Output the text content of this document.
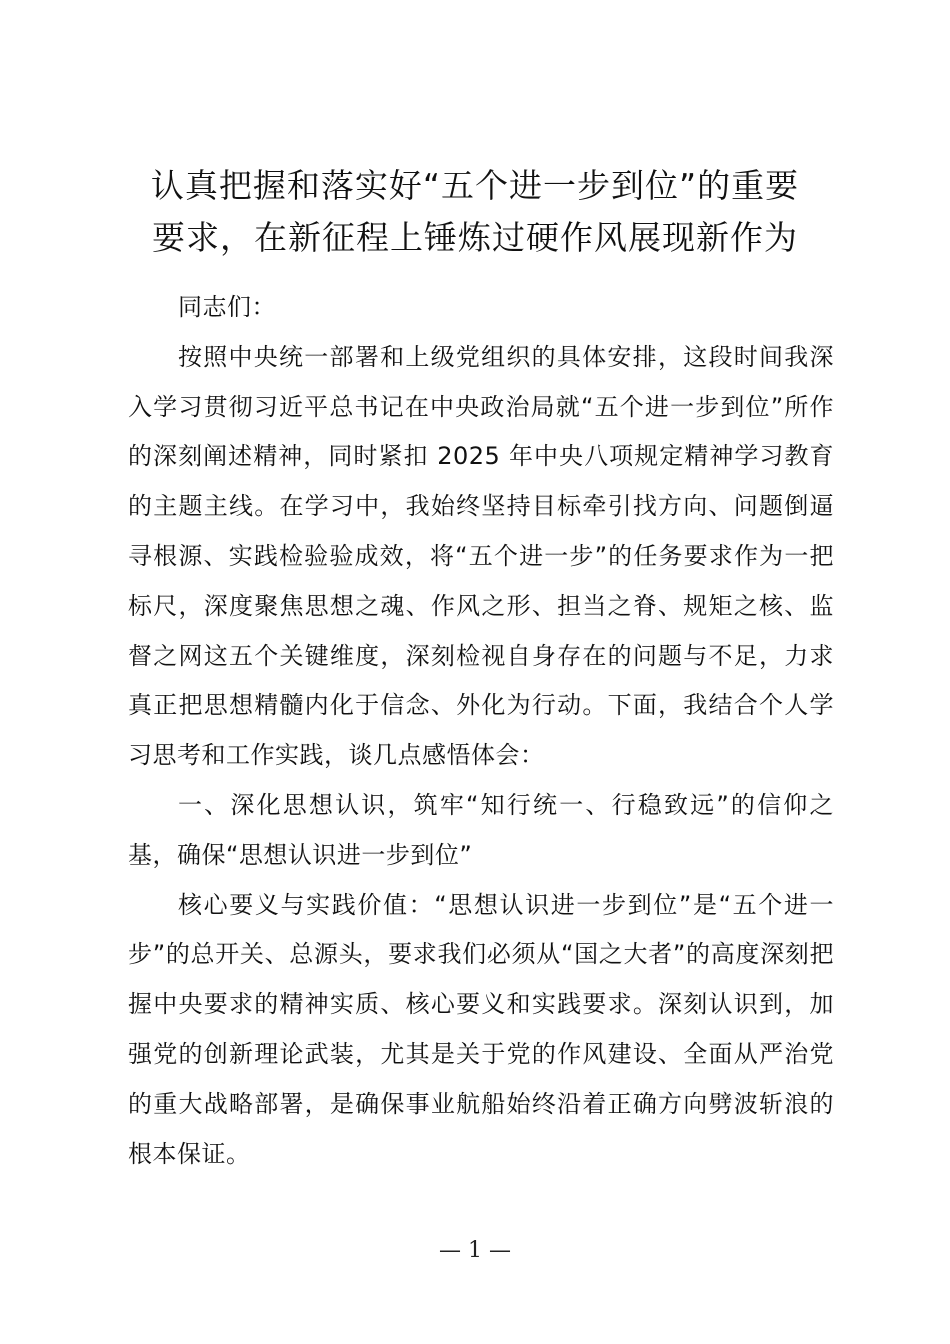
认真把握和落实好“五个进一步到位”的重要
要求，在新征程上锤炼过硬作风展现新作为

同志们：

按照中央统一部署和上级党组织的具体安排，这段时间我深入学习贯彻习近平总书记在中央政治局就“五个进一步到位”所作的深刻阐述精神，同时紧扣 2025 年中央八项规定精神学习教育的主题主线。在学习中，我始终坚持目标牵引找方向、问题倒逼寻根源、实践检验验成效，将“五个进一步”的任务要求作为一把标尺，深度聚焦思想之魂、作风之形、担当之脊、规矩之核、监督之网这五个关键维度，深刻检视自身存在的问题与不足，力求真正把思想精髓内化于信念、外化为行动。下面，我结合个人学习思考和工作实践，谈几点感悟体会：

一、深化思想认识，筑牢“知行统一、行稳致远”的信仰之基，确保“思想认识进一步到位”

核心要义与实践价值：“思想认识进一步到位”是“五个进一步”的总开关、总源头，要求我们必须从“国之大者”的高度深刻把握中央要求的精神实质、核心要义和实践要求。深刻认识到，加强党的创新理论武装，尤其是关于党的作风建设、全面从严治党的重大战略部署，是确保事业航船始终沿着正确方向劈波斩浪的根本保证。

— 1 —
